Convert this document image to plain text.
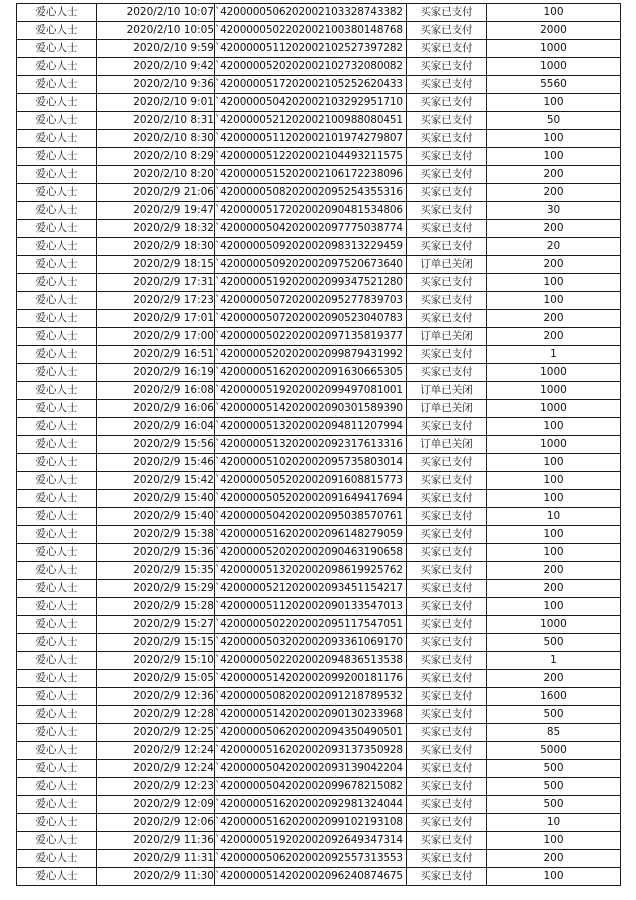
爱心人士	2020/2/10 10:07	`4200000506202002103328743382	买家已支付	100
爱心人士	2020/2/10 10:05	`4200000502202002100380148768	买家已支付	2000
爱心人士	2020/2/10 9:59	`4200000511202002102527397282	买家已支付	1000
爱心人士	2020/2/10 9:42	`4200000520202002102732080082	买家已支付	1000
爱心人士	2020/2/10 9:36	`4200000517202002105252620433	买家已支付	5560
爱心人士	2020/2/10 9:01	`4200000504202002103292951710	买家已支付	100
爱心人士	2020/2/10 8:31	`4200000521202002100988080451	买家已支付	50
爱心人士	2020/2/10 8:30	`4200000511202002101974279807	买家已支付	100
爱心人士	2020/2/10 8:29	`4200000512202002104493211575	买家已支付	100
爱心人士	2020/2/10 8:20	`4200000515202002106172238096	买家已支付	200
爱心人士	2020/2/9 21:06	`4200000508202002095254355316	买家已支付	200
爱心人士	2020/2/9 19:47	`4200000517202002090481534806	买家已支付	30
爱心人士	2020/2/9 18:32	`4200000504202002097775038774	买家已支付	200
爱心人士	2020/2/9 18:30	`4200000509202002098313229459	买家已支付	20
爱心人士	2020/2/9 18:15	`4200000509202002097520673640	订单已关闭	200
爱心人士	2020/2/9 17:31	`4200000519202002099347521280	买家已支付	100
爱心人士	2020/2/9 17:23	`4200000507202002095277839703	买家已支付	100
爱心人士	2020/2/9 17:01	`4200000507202002090523040783	买家已支付	200
爱心人士	2020/2/9 17:00	`4200000502202002097135819377	订单已关闭	200
爱心人士	2020/2/9 16:51	`4200000520202002099879431992	买家已支付	1
爱心人士	2020/2/9 16:19	`4200000516202002091630665305	买家已支付	1000
爱心人士	2020/2/9 16:08	`4200000519202002099497081001	订单已关闭	1000
爱心人士	2020/2/9 16:06	`4200000514202002090301589390	订单已关闭	1000
爱心人士	2020/2/9 16:04	`4200000513202002094811207994	买家已支付	100
爱心人士	2020/2/9 15:56	`4200000513202002092317613316	订单已关闭	1000
爱心人士	2020/2/9 15:46	`4200000510202002095735803014	买家已支付	100
爱心人士	2020/2/9 15:42	`4200000505202002091608815773	买家已支付	100
爱心人士	2020/2/9 15:40	`4200000505202002091649417694	买家已支付	100
爱心人士	2020/2/9 15:40	`4200000504202002095038570761	买家已支付	10
爱心人士	2020/2/9 15:38	`4200000516202002096148279059	买家已支付	100
爱心人士	2020/2/9 15:36	`4200000520202002090463190658	买家已支付	100
爱心人士	2020/2/9 15:35	`4200000513202002098619925762	买家已支付	200
爱心人士	2020/2/9 15:29	`4200000521202002093451154217	买家已支付	200
爱心人士	2020/2/9 15:28	`4200000511202002090133547013	买家已支付	100
爱心人士	2020/2/9 15:27	`4200000502202002095117547051	买家已支付	1000
爱心人士	2020/2/9 15:15	`4200000503202002093361069170	买家已支付	500
爱心人士	2020/2/9 15:10	`4200000502202002094836513538	买家已支付	1
爱心人士	2020/2/9 15:05	`4200000514202002099200181176	买家已支付	200
爱心人士	2020/2/9 12:36	`4200000508202002091218789532	买家已支付	1600
爱心人士	2020/2/9 12:28	`4200000514202002090130233968	买家已支付	500
爱心人士	2020/2/9 12:25	`4200000506202002094350490501	买家已支付	85
爱心人士	2020/2/9 12:24	`4200000516202002093137350928	买家已支付	5000
爱心人士	2020/2/9 12:24	`4200000504202002093139042204	买家已支付	500
爱心人士	2020/2/9 12:23	`4200000504202002099678215082	买家已支付	500
爱心人士	2020/2/9 12:09	`4200000516202002092981324044	买家已支付	500
爱心人士	2020/2/9 12:06	`4200000516202002099102193108	买家已支付	10
爱心人士	2020/2/9 11:36	`4200000519202002092649347314	买家已支付	100
爱心人士	2020/2/9 11:31	`4200000506202002092557313553	买家已支付	200
爱心人士	2020/2/9 11:30	`4200000514202002096240874675	买家已支付	100
